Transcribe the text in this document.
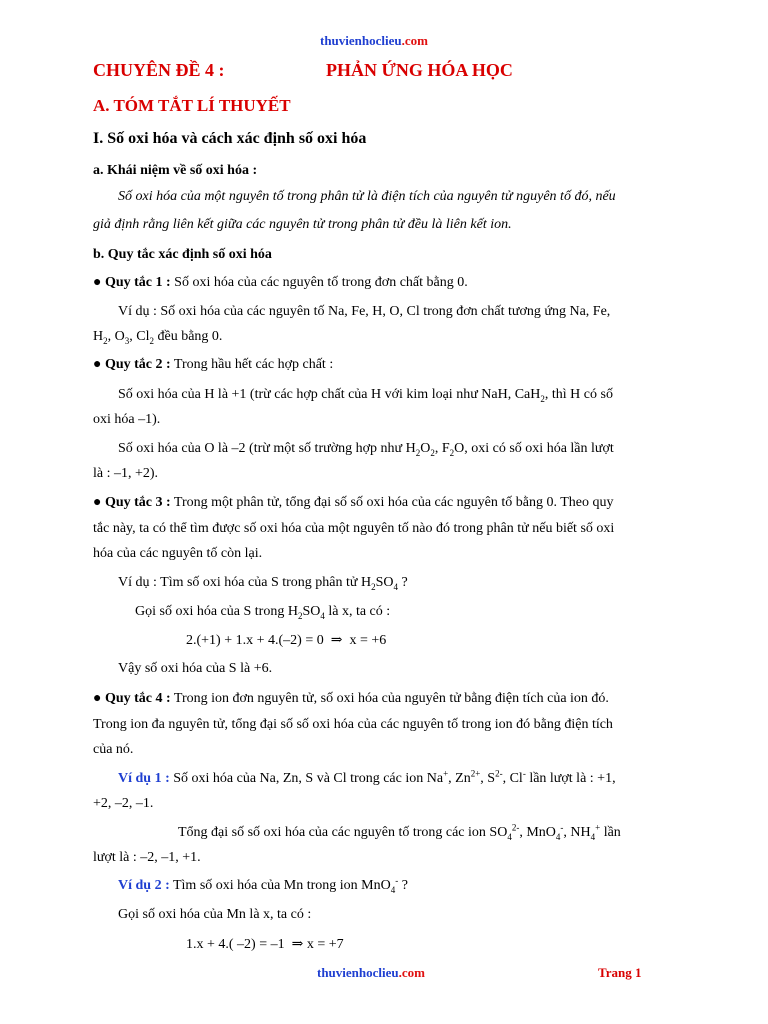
thuvienhoclieu.com
CHUYÊN ĐỀ 4 :	PHẢN ỨNG HÓA HỌC
A. TÓM TẮT LÍ THUYẾT
I. Số oxi hóa và cách xác định số oxi hóa
a. Khái niệm về số oxi hóa :
Số oxi hóa của một nguyên tố trong phân tử là điện tích của nguyên tử nguyên tố đó, nếu
giả định rằng liên kết giữa các nguyên tử trong phân tử đều là liên kết ion.
b. Quy tắc xác định số oxi hóa
● Quy tắc 1 : Số oxi hóa của các nguyên tố trong đơn chất bằng 0.
Ví dụ : Số oxi hóa của các nguyên tố Na, Fe, H, O, Cl trong đơn chất tương ứng Na, Fe,
$H_2$, $O_3$, $Cl_2$ đều bằng 0.
● Quy tắc 2 : Trong hầu hết các hợp chất :
Số oxi hóa của H là +1 (trừ các hợp chất của H với kim loại như NaH, CaH$_2$, thì H có số
oxi hóa –1).
Số oxi hóa của O là –2 (trừ một số trường hợp như $H_2O_2$, $F_2O$, oxi có số oxi hóa lần lượt
là : –1, +2).
● Quy tắc 3 : Trong một phân tử, tổng đại số số oxi hóa của các nguyên tố bằng 0. Theo quy
tắc này, ta có thể tìm được số oxi hóa của một nguyên tố nào đó trong phân tử nếu biết số oxi
hóa của các nguyên tố còn lại.
Ví dụ : Tìm số oxi hóa của S trong phân tử $H_2SO_4$ ?
Gọi số oxi hóa của S trong $H_2SO_4$ là x, ta có :
2.(+1) + 1.x + 4.(–2) = 0 ⇒ x = +6
Vậy số oxi hóa của S là +6.
● Quy tắc 4 : Trong ion đơn nguyên tử, số oxi hóa của nguyên tử bằng điện tích của ion đó.
Trong ion đa nguyên tử, tổng đại số số oxi hóa của các nguyên tố trong ion đó bằng điện tích
của nó.
Ví dụ 1 : Số oxi hóa của Na, Zn, S và Cl trong các ion Na+, $Zn^{2+}$, $S^{2-}$, Cl- lần lượt là : +1,
+2, –2, –1.
Tổng đại số số oxi hóa của các nguyên tố trong các ion $SO_4^{2-}$, MnO$_4$-, $NH_4^+$ lần
lượt là : –2, –1, +1.
Ví dụ 2 : Tìm số oxi hóa của Mn trong ion MnO$_4$- ?
Gọi số oxi hóa của Mn là x, ta có :
1.x + 4.( –2) = –1 ⇒ x = +7
thuvienhoclieu.com	Trang 1
